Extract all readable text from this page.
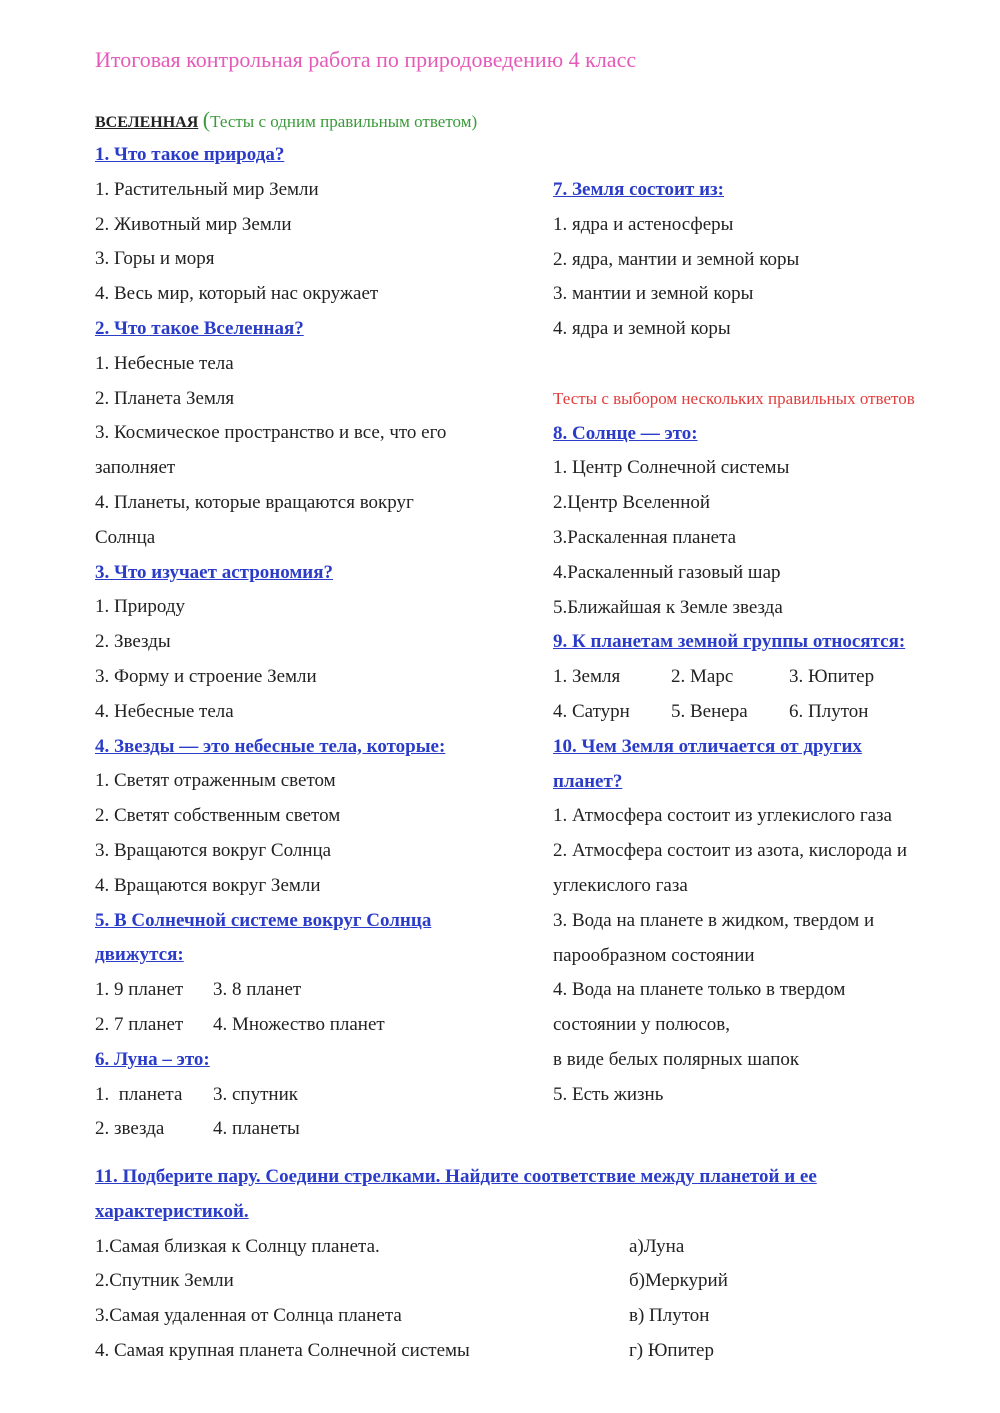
Итоговая контрольная работа по природоведению 4 класс
ВСЕЛЕННАЯ (Тесты с одним правильным ответом)
1. Что такое природа?
1. Растительный мир Земли
2. Животный мир Земли
3. Горы и моря
4. Весь мир, который нас окружает
2. Что такое Вселенная?
1. Небесные тела
2. Планета Земля
3. Космическое пространство и все, что его
заполняет
4. Планеты, которые вращаются вокруг
Солнца
3. Что изучает астрономия?
1. Природу
2. Звезды
3. Форму и строение Земли
4. Небесные тела
4. Звезды — это небесные тела, которые:
1. Светят отраженным светом
2. Светят собственным светом
3. Вращаются вокруг Солнца
4. Вращаются вокруг Земли
5. В Солнечной системе вокруг Солнца
движутся:
1. 9 планет 3. 8 планет
2. 7 планет 4. Множество планет
6. Луна – это:
1.  планета 3. спутник
2. звезда	4. планеты
7. Земля состоит из:
1. ядра и астеносферы
2. ядра, мантии и земной коры
3. мантии и земной коры
4. ядра и земной коры
Тесты с выбором нескольких правильных ответов
8. Солнце — это:
1. Центр Солнечной системы
2.Центр Вселенной
3.Раскаленная планета
4.Раскаленный газовый шар
5.Ближайшая к Земле звезда
9. К планетам земной группы относятся:
1. Земля	2. Марс	3. Юпитер
4. Сатурн 5. Венера 6. Плутон
10. Чем Земля отличается от других
планет?
1. Атмосфера состоит из углекислого газа
2. Атмосфера состоит из азота, кислорода и
углекислого газа
3. Вода на планете в жидком, твердом и
парообразном состоянии
4. Вода на планете только в твердом
состоянии у полюсов,
в виде белых полярных шапок
5. Есть жизнь
11. Подберите пару. Соедини стрелками. Найдите соответствие между планетой и ее
характеристикой.
1.Самая близкая к Солнцу планета.	а)Луна
2.Спутник Земли	б)Меркурий
3.Самая удаленная от Солнца планета	в) Плутон
4. Самая крупная планета Солнечной системы	г) Юпитер
